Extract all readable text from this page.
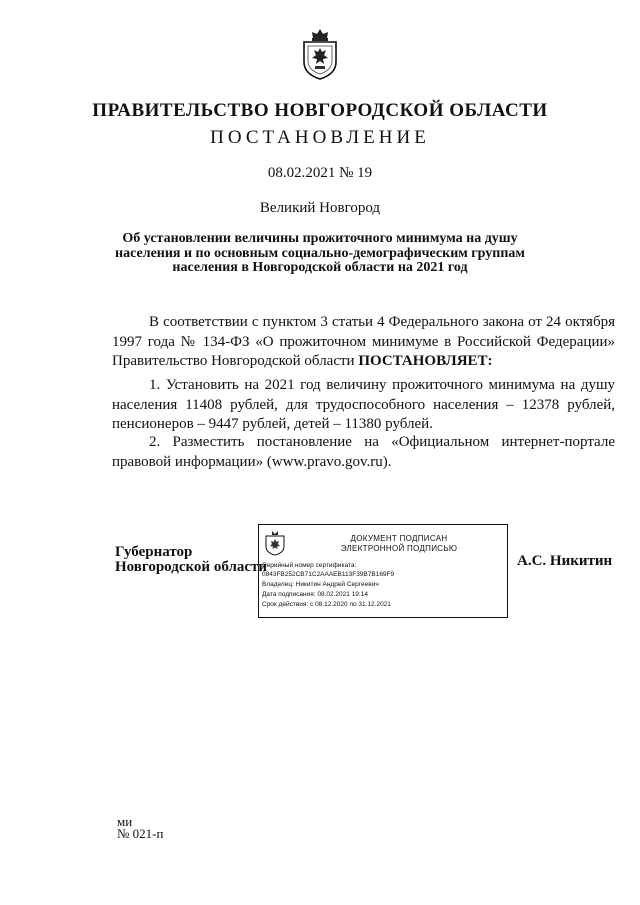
ПРАВИТЕЛЬСТВО НОВГОРОДСКОЙ ОБЛАСТИ
ПОСТАНОВЛЕНИЕ
08.02.2021 № 19
Великий Новгород
Об установлении величины прожиточного минимума на душу населения и по основным социально-демографическим группам населения в Новгородской области на 2021 год
В соответствии с пунктом 3 статьи 4 Федерального закона от 24 октября 1997 года № 134-ФЗ «О прожиточном минимуме в Российской Федерации» Правительство Новгородской области ПОСТАНОВЛЯЕТ:
1. Установить на 2021 год величину прожиточного минимума на душу населения 11408 рублей, для трудоспособного населения – 12378 рублей, пенсионеров – 9447 рублей, детей – 11380 рублей.
2. Разместить постановление на «Официальном интернет-портале правовой информации» (www.pravo.gov.ru).
Губернатор
Новгородской области
ДОКУМЕНТ ПОДПИСАН
ЭЛЕКТРОННОЙ ПОДПИСЬЮ
Серийный номер сертификата:
0843FB252CB71C2AAAEB113F39B7B169F9
Владелец: Никитин Андрей Сергеевич
Дата подписания: 08.02.2021 19:14
Срок действия: с 08.12.2020 по 31.12.2021
А.С. Никитин
ми
№ 021-п
